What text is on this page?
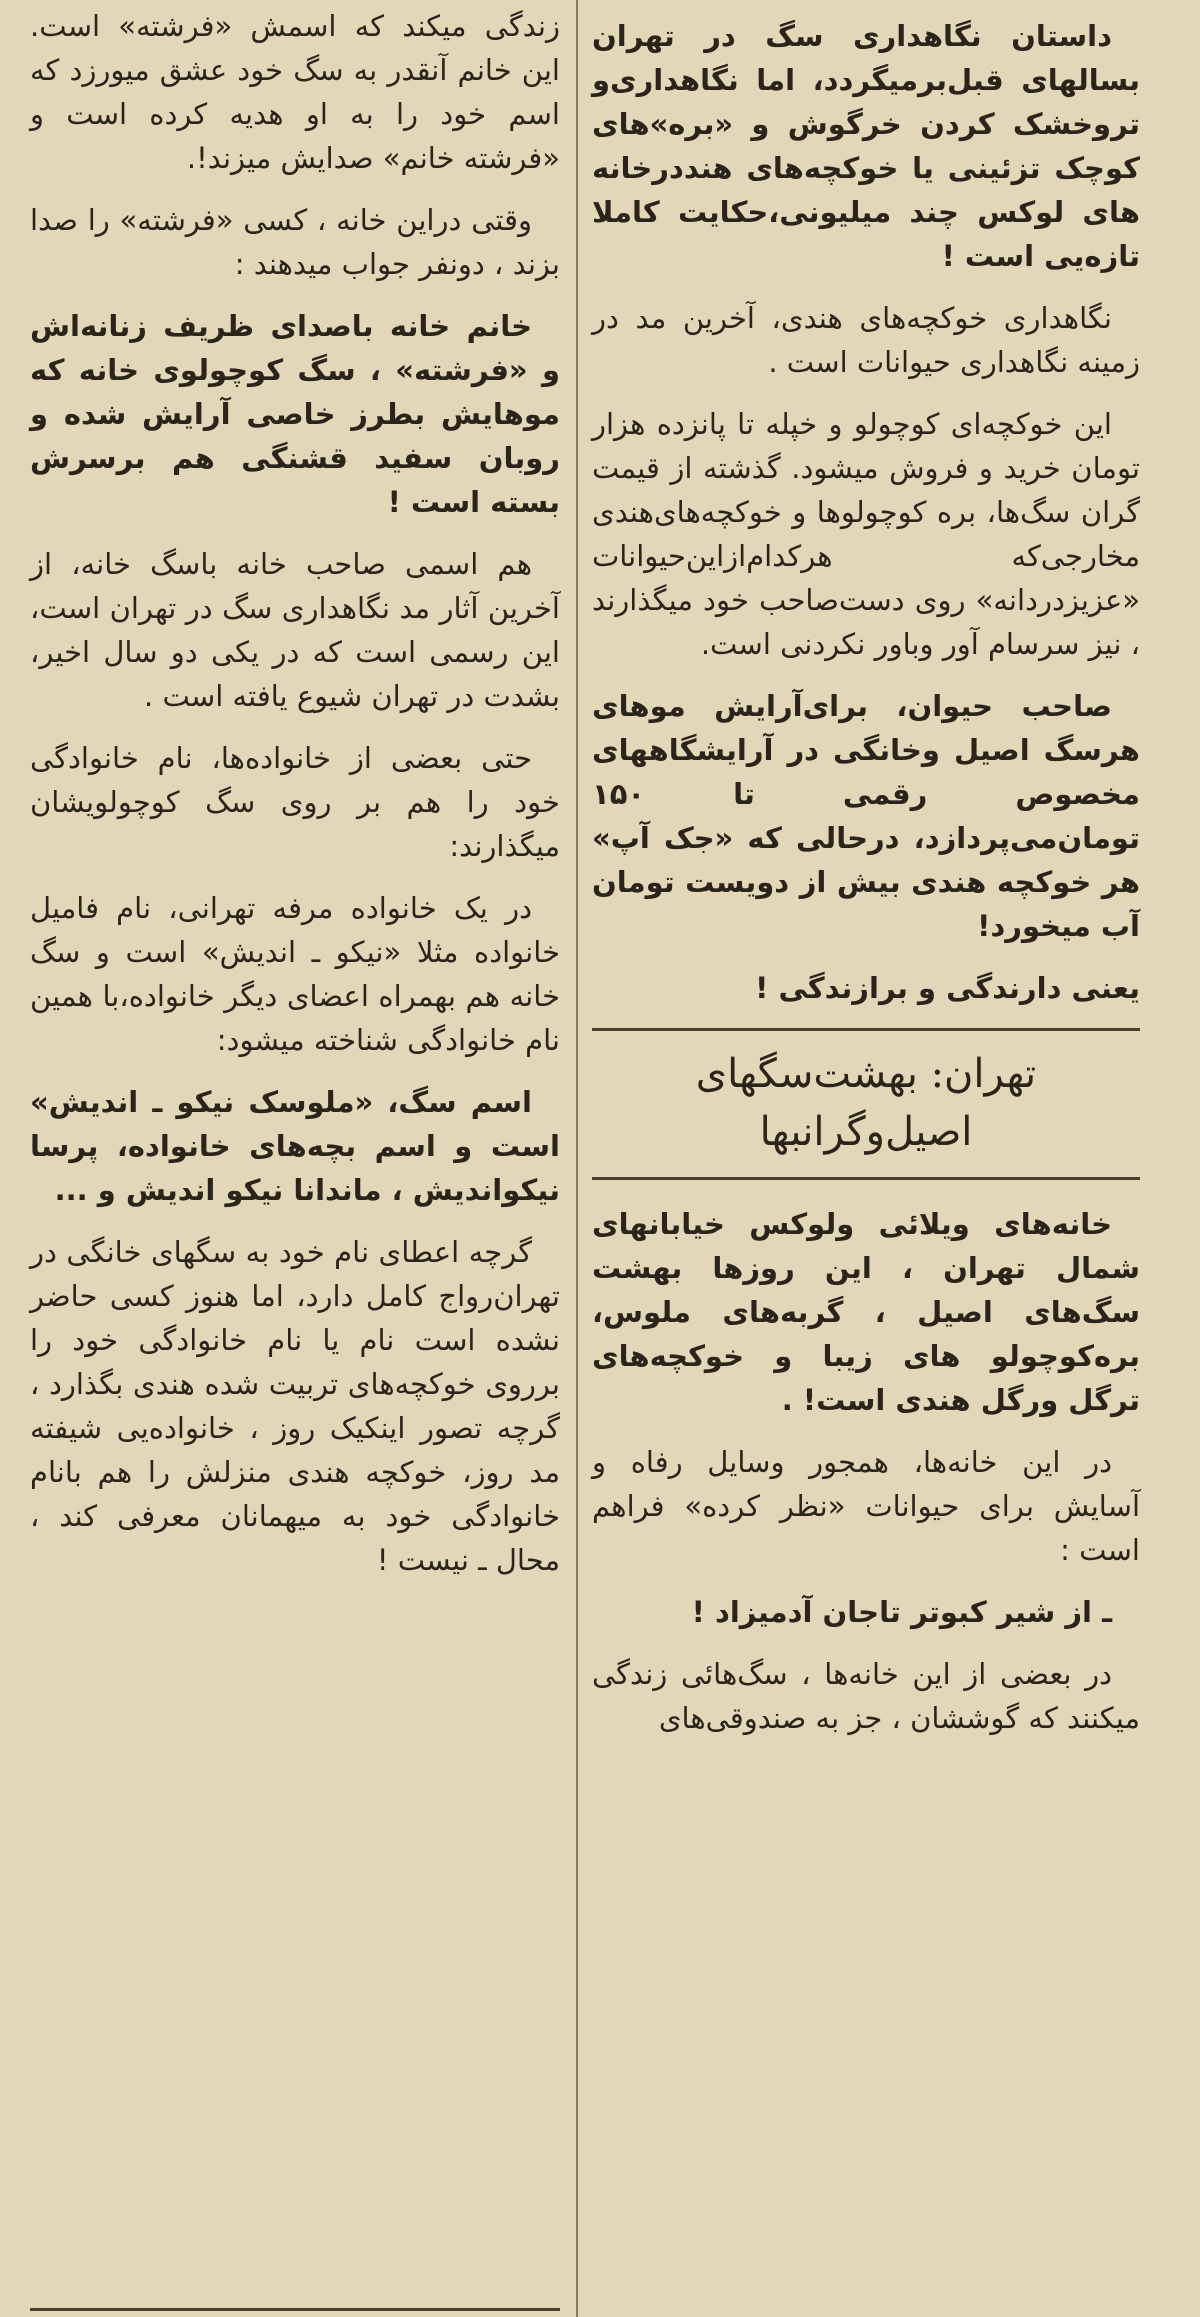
داستان نگاهداری سگ در تهران بسالهای قبل‌برمیگردد، اما نگاهداری‌و تروخشک کردن خرگوش و «بره»های کوچک تزئینی یا خوکچه‌های هنددرخانه های لوکس چند میلیونی،حکایت کاملا تازه‌یی است !

نگاهداری خوکچه‌های هندی، آخرین مد در زمینه نگاهداری حیوانات است .

این خوکچه‌ای کوچولو و خپله تا پانزده هزار تومان خرید و فروش میشود. گذشته از قیمت گران سگ‌ها، بره کوچولوها و خوکچه‌های‌هندی مخارجی‌که هرکدام‌ازاین‌حیوانات «عزیزدردانه» روی دست‌صاحب خود میگذارند ، نیز سرسام آور وباور نکردنی است.

صاحب حیوان، برای‌آرایش موهای هرسگ اصیل وخانگی در آرایشگاههای مخصوص رقمی تا ۱۵۰ تومان‌می‌پردازد، درحالی که «جک آپ» هر خوکچه هندی بیش از دویست تومان آب میخورد!

یعنی دارندگی و برازندگی !

تهران: بهشت‌سگهای
اصیل‌وگرانبها

خانه‌های ویلائی ولوکس خیابانهای شمال تهران ، این روزها بهشت سگ‌های اصیل ، گربه‌های ملوس، بره‌کوچولو های زیبا و خوکچه‌های ترگل ورگل هندی است! .

در این خانه‌ها، همجور وسایل رفاه و آسایش برای حیوانات «نظر کرده» فراهم است :

ـ از شیر کبوتر تاجان آدمیزاد !

در بعضی از این خانه‌ها ، سگ‌هائی زندگی میکنند که گوششان ، جز به صندوقی‌های

زندگی میکند که اسمش «فرشته» است. این خانم آنقدر به سگ خود عشق میورزد که اسم خود را به او هدیه کرده است و «فرشته خانم» صدایش میزند!.

وقتی دراین خانه ، کسی «فرشته» را صدا بزند ، دونفر جواب میدهند :

خانم خانه باصدای ظریف زنانه‌اش و «فرشته» ، سگ کوچولوی خانه که موهایش بطرز خاصی آرایش شده و روبان سفید قشنگی هم برسرش بسته است !

هم اسمی صاحب خانه باسگ خانه، از آخرین آثار مد نگاهداری سگ در تهران است، این رسمی است که در یکی دو سال اخیر، بشدت در تهران شیوع یافته است .

حتی بعضی از خانواده‌ها، نام خانوادگی خود را هم بر روی سگ کوچولویشان میگذارند:

در یک خانواده مرفه تهرانی، نام فامیل خانواده مثلا «نیکو ـ اندیش» است و سگ خانه هم بهمراه اعضای دیگر خانواده،با همین نام خانوادگی شناخته میشود:

اسم سگ، «ملوسک نیکو ـ اندیش» است و اسم بچه‌های خانواده، پرسا نیکواندیش ، ماندانا نیکو اندیش و ...

گرچه اعطای نام خود به سگهای خانگی در تهران‌رواج کامل دارد، اما هنوز کسی حاضر نشده است نام یا نام خانوادگی خود را برروی خوکچه‌های تربیت شده هندی بگذارد ، گرچه تصور اینکیک روز ، خانواده‌یی شیفته مد روز، خوکچه هندی منزلش را هم بانام خانوادگی خود به میهمانان معرفی کند ، محال ـ نیست !
